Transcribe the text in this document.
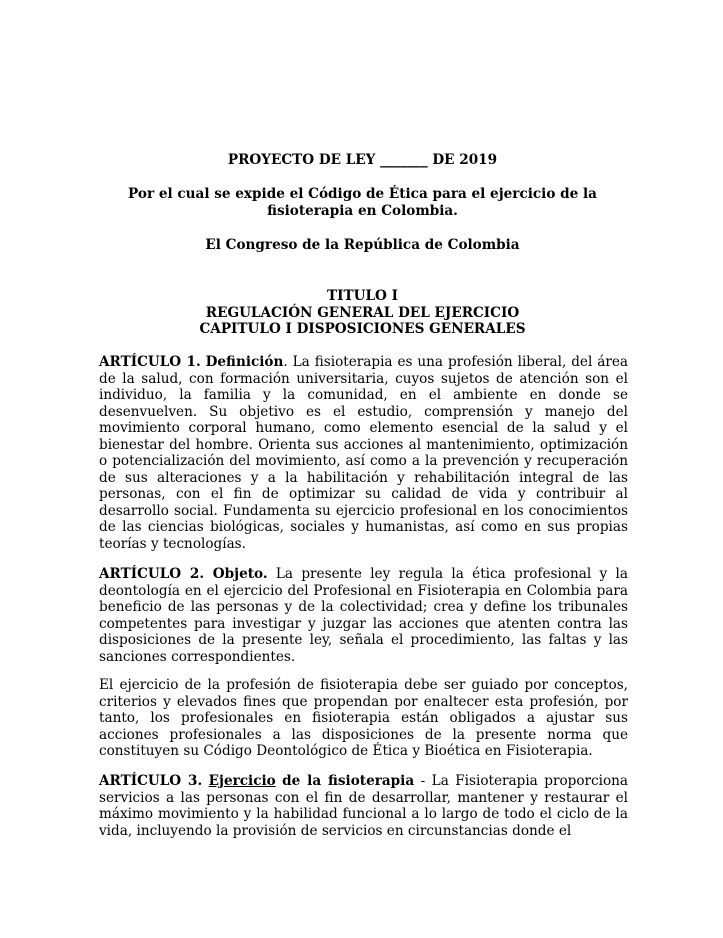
PROYECTO DE LEY _______ DE 2019

Por el cual se expide el Código de Ética para el ejercicio de la
fisioterapia en Colombia.

El Congreso de la República de Colombia

TITULO I
REGULACIÓN GENERAL DEL EJERCICIO
CAPITULO I DISPOSICIONES GENERALES

ARTÍCULO 1. Definición. La fisioterapia es una profesión liberal, del área de la salud, con formación universitaria, cuyos sujetos de atención son el individuo, la familia y la comunidad, en el ambiente en donde se desenvuelven. Su objetivo es el estudio, comprensión y manejo del movimiento corporal humano, como elemento esencial de la salud y el bienestar del hombre. Orienta sus acciones al mantenimiento, optimización o potencialización del movimiento, así como a la prevención y recuperación de sus alteraciones y a la habilitación y rehabilitación integral de las personas, con el fin de optimizar su calidad de vida y contribuir al desarrollo social. Fundamenta su ejercicio profesional en los conocimientos de las ciencias biológicas, sociales y humanistas, así como en sus propias teorías y tecnologías.

ARTÍCULO 2. Objeto. La presente ley regula la ética profesional y la deontología en el ejercicio del Profesional en Fisioterapia en Colombia para beneficio de las personas y de la colectividad; crea y define los tribunales competentes para investigar y juzgar las acciones que atenten contra las disposiciones de la presente ley, señala el procedimiento, las faltas y las sanciones correspondientes.

El ejercicio de la profesión de fisioterapia debe ser guiado por conceptos, criterios y elevados fines que propendan por enaltecer esta profesión, por tanto, los profesionales en fisioterapia están obligados a ajustar sus acciones profesionales a las disposiciones de la presente norma que constituyen su Código Deontológico de Ética y Bioética en Fisioterapia.

ARTÍCULO 3. Ejercicio de la fisioterapia - La Fisioterapia proporciona servicios a las personas con el fin de desarrollar, mantener y restaurar el máximo movimiento y la habilidad funcional a lo largo de todo el ciclo de la vida, incluyendo la provisión de servicios en circunstancias donde el
